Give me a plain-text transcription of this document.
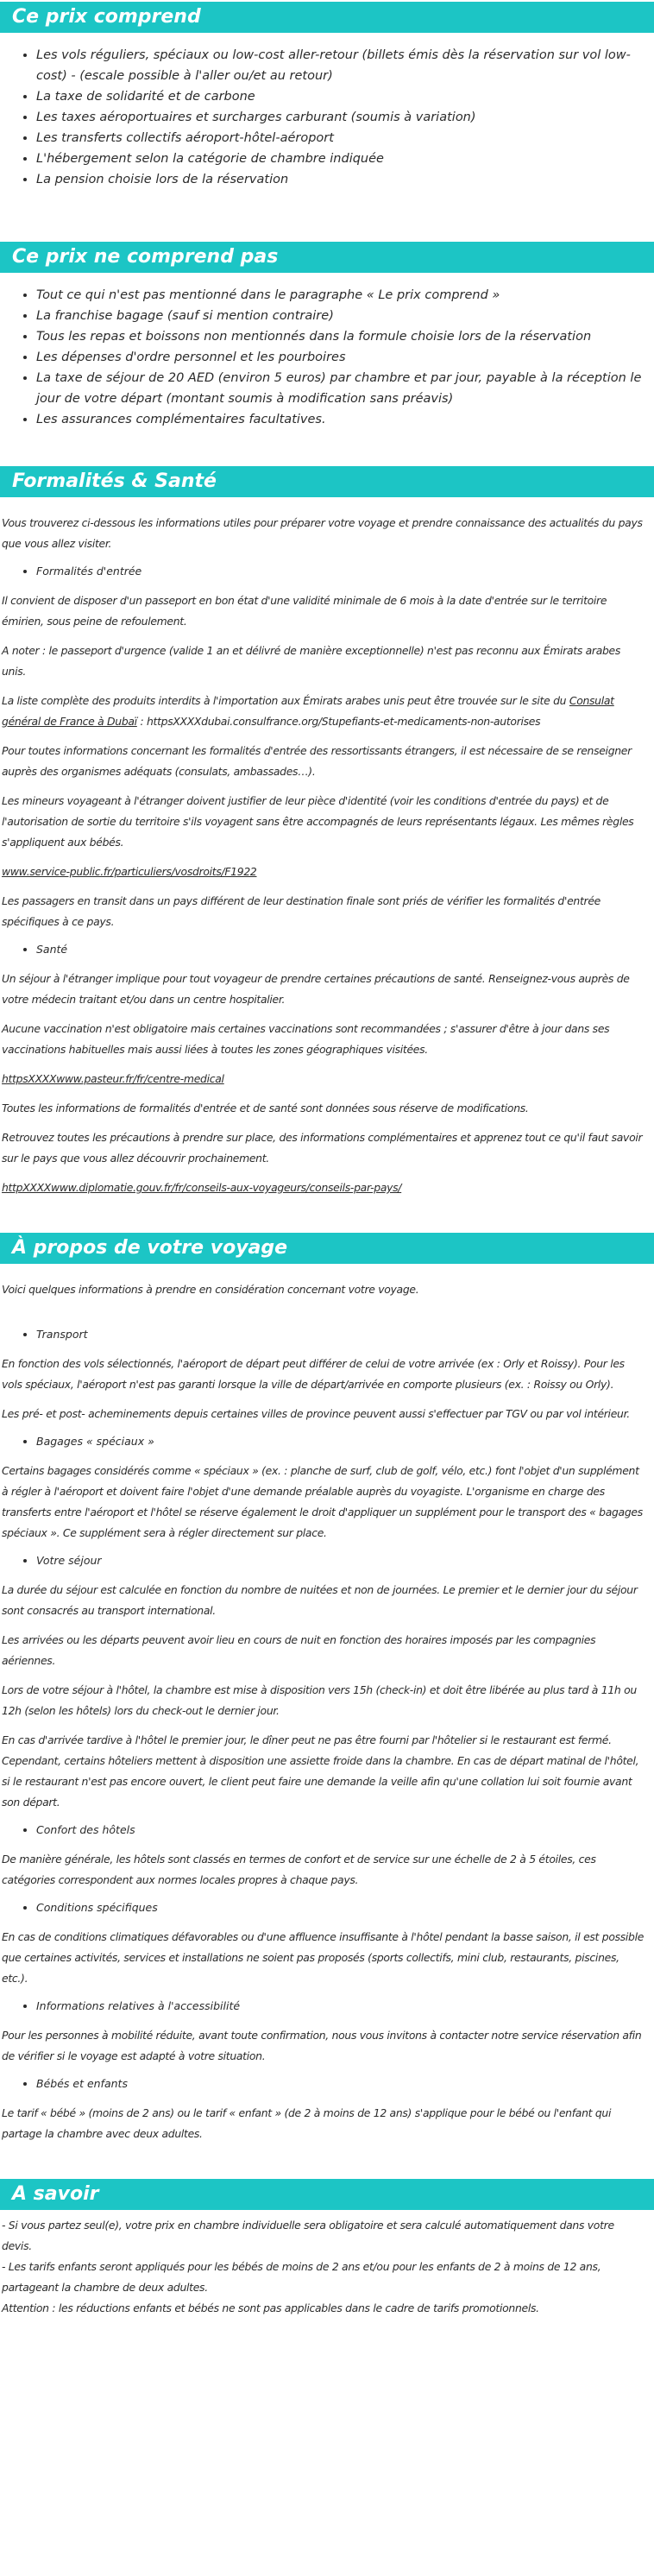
Ce prix comprend
• Les vols réguliers, spéciaux ou low-cost aller-retour (billets émis dès la réservation sur vol low-cost) - (escale possible à l'aller ou/et au retour)
• La taxe de solidarité et de carbone
• Les taxes aéroportuaires et surcharges carburant (soumis à variation)
• Les transferts collectifs aéroport-hôtel-aéroport
• L'hébergement selon la catégorie de chambre indiquée
• La pension choisie lors de la réservation
Ce prix ne comprend pas
• Tout ce qui n'est pas mentionné dans le paragraphe « Le prix comprend »
• La franchise bagage (sauf si mention contraire)
• Tous les repas et boissons non mentionnés dans la formule choisie lors de la réservation
• Les dépenses d'ordre personnel et les pourboires
• La taxe de séjour de 20 AED (environ 5 euros) par chambre et par jour, payable à la réception le jour de votre départ (montant soumis à modification sans préavis)
• Les assurances complémentaires facultatives.
Formalités & Santé

Vous trouverez ci-dessous les informations utiles pour préparer votre voyage et prendre connaissance des actualités du pays que vous allez visiter.

• Formalités d'entrée

Il convient de disposer d'un passeport en bon état d'une validité minimale de 6 mois à la date d'entrée sur le territoire émirien, sous peine de refoulement.

A noter : le passeport d'urgence (valide 1 an et délivré de manière exceptionnelle) n'est pas reconnu aux Émirats arabes unis.

La liste complète des produits interdits à l'importation aux Émirats arabes unis peut être trouvée sur le site du Consulat général de France à Dubaï : httpsXXXXdubai.consulfrance.org/Stupefiants-et-medicaments-non-autorises

Pour toutes informations concernant les formalités d'entrée des ressortissants étrangers, il est nécessaire de se renseigner auprès des organismes adéquats (consulats, ambassades…).

Les mineurs voyageant à l'étranger doivent justifier de leur pièce d'identité (voir les conditions d'entrée du pays) et de l'autorisation de sortie du territoire s'ils voyagent sans être accompagnés de leurs représentants légaux. Les mêmes règles s'appliquent aux bébés.

www.service-public.fr/particuliers/vosdroits/F1922

Les passagers en transit dans un pays différent de leur destination finale sont priés de vérifier les formalités d'entrée spécifiques à ce pays.

• Santé

Un séjour à l'étranger implique pour tout voyageur de prendre certaines précautions de santé. Renseignez-vous auprès de votre médecin traitant et/ou dans un centre hospitalier.

Aucune vaccination n'est obligatoire mais certaines vaccinations sont recommandées ; s'assurer d'être à jour dans ses vaccinations habituelles mais aussi liées à toutes les zones géographiques visitées.

httpsXXXXwww.pasteur.fr/fr/centre-medical

Toutes les informations de formalités d'entrée et de santé sont données sous réserve de modifications.

Retrouvez toutes les précautions à prendre sur place, des informations complémentaires et apprenez tout ce qu'il faut savoir sur le pays que vous allez découvrir prochainement.

httpXXXXwww.diplomatie.gouv.fr/fr/conseils-aux-voyageurs/conseils-par-pays/

À propos de votre voyage

Voici quelques informations à prendre en considération concernant votre voyage.

• Transport

En fonction des vols sélectionnés, l'aéroport de départ peut différer de celui de votre arrivée (ex : Orly et Roissy). Pour les vols spéciaux, l'aéroport n'est pas garanti lorsque la ville de départ/arrivée en comporte plusieurs (ex. : Roissy ou Orly).

Les pré- et post- acheminements depuis certaines villes de province peuvent aussi s'effectuer par TGV ou par vol intérieur.

• Bagages « spéciaux »

Certains bagages considérés comme « spéciaux » (ex. : planche de surf, club de golf, vélo, etc.) font l'objet d'un supplément à régler à l'aéroport et doivent faire l'objet d'une demande préalable auprès du voyagiste. L'organisme en charge des transferts entre l'aéroport et l'hôtel se réserve également le droit d'appliquer un supplément pour le transport des « bagages spéciaux ». Ce supplément sera à régler directement sur place.

• Votre séjour

La durée du séjour est calculée en fonction du nombre de nuitées et non de journées. Le premier et le dernier jour du séjour sont consacrés au transport international.

Les arrivées ou les départs peuvent avoir lieu en cours de nuit en fonction des horaires imposés par les compagnies aériennes.

Lors de votre séjour à l'hôtel, la chambre est mise à disposition vers 15h (check-in) et doit être libérée au plus tard à 11h ou 12h (selon les hôtels) lors du check-out le dernier jour.

En cas d'arrivée tardive à l'hôtel le premier jour, le dîner peut ne pas être fourni par l'hôtelier si le restaurant est fermé. Cependant, certains hôteliers mettent à disposition une assiette froide dans la chambre. En cas de départ matinal de l'hôtel, si le restaurant n'est pas encore ouvert, le client peut faire une demande la veille afin qu'une collation lui soit fournie avant son départ.

• Confort des hôtels

De manière générale, les hôtels sont classés en termes de confort et de service sur une échelle de 2 à 5 étoiles, ces catégories correspondent aux normes locales propres à chaque pays.

• Conditions spécifiques

En cas de conditions climatiques défavorables ou d'une affluence insuffisante à l'hôtel pendant la basse saison, il est possible que certaines activités, services et installations ne soient pas proposés (sports collectifs, mini club, restaurants, piscines, etc.).

• Informations relatives à l'accessibilité

Pour les personnes à mobilité réduite, avant toute confirmation, nous vous invitons à contacter notre service réservation afin de vérifier si le voyage est adapté à votre situation.

• Bébés et enfants

Le tarif « bébé » (moins de 2 ans) ou le tarif « enfant » (de 2 à moins de 12 ans) s'applique pour le bébé ou l'enfant qui partage la chambre avec deux adultes.

A savoir

- Si vous partez seul(e), votre prix en chambre individuelle sera obligatoire et sera calculé automatiquement dans votre devis.

- Les tarifs enfants seront appliqués pour les bébés de moins de 2 ans et/ou pour les enfants de 2 à moins de 12 ans, partageant la chambre de deux adultes.

Attention : les réductions enfants et bébés ne sont pas applicables dans le cadre de tarifs promotionnels.
